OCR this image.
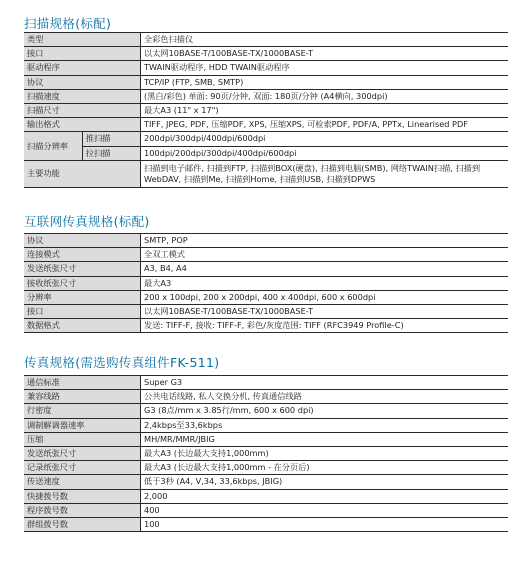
扫描规格(标配)
类型		全彩色扫描仪
接口		以太网10BASE-T/100BASE-TX/1000BASE-T
驱动程序		TWAIN驱动程序, HDD TWAIN驱动程序
协议		TCP/IP (FTP, SMB, SMTP)
扫描速度		(黑白/彩色) 单面: 90页/分钟, 双面: 180页/分钟 (A4横向, 300dpi)
扫描尺寸		最大A3 (11" x 17")
输出格式		TIFF, JPEG, PDF, 压缩PDF, XPS, 压缩XPS, 可检索PDF, PDF/A, PPTx, Linearised PDF
扫描分辨率	推扫描	200dpi/300dpi/400dpi/600dpi
	拉扫描	100dpi/200dpi/300dpi/400dpi/600dpi
主要功能		扫描到电子邮件, 扫描到FTP, 扫描到BOX(硬盘), 扫描到电脑(SMB), 网络TWAIN扫描, 扫描到WebDAV, 扫描到Me, 扫描到Home, 扫描到USB, 扫描到DPWS
互联网传真规格(标配)
协议	SMTP, POP
连接模式	全双工模式
发送纸张尺寸	A3, B4, A4
接收纸张尺寸	最大A3
分辨率	200 x 100dpi, 200 x 200dpi, 400 x 400dpi, 600 x 600dpi
接口	以太网10BASE-T/100BASE-TX/1000BASE-T
数据格式	发送: TIFF-F, 接收: TIFF-F, 彩色/灰度范围: TIFF (RFC3949 Profile-C)
传真规格(需选购传真组件FK-511)
通信标准	Super G3
兼容线路	公共电话线路, 私人交换分机, 传真通信线路
行密度	G3 (8点/mm x 3.85行/mm, 600 x 600 dpi)
调制解调器速率	2,4kbps至33,6kbps
压缩	MH/MR/MMR/JBIG
发送纸张尺寸	最大A3 (长边最大支持1,000mm)
记录纸张尺寸	最大A3 (长边最大支持1,000mm - 在分页后)
传送速度	低于3秒 (A4, V,34, 33,6kbps, JBIG)
快捷拨号数	2,000
程序拨号数	400
群组拨号数	100
